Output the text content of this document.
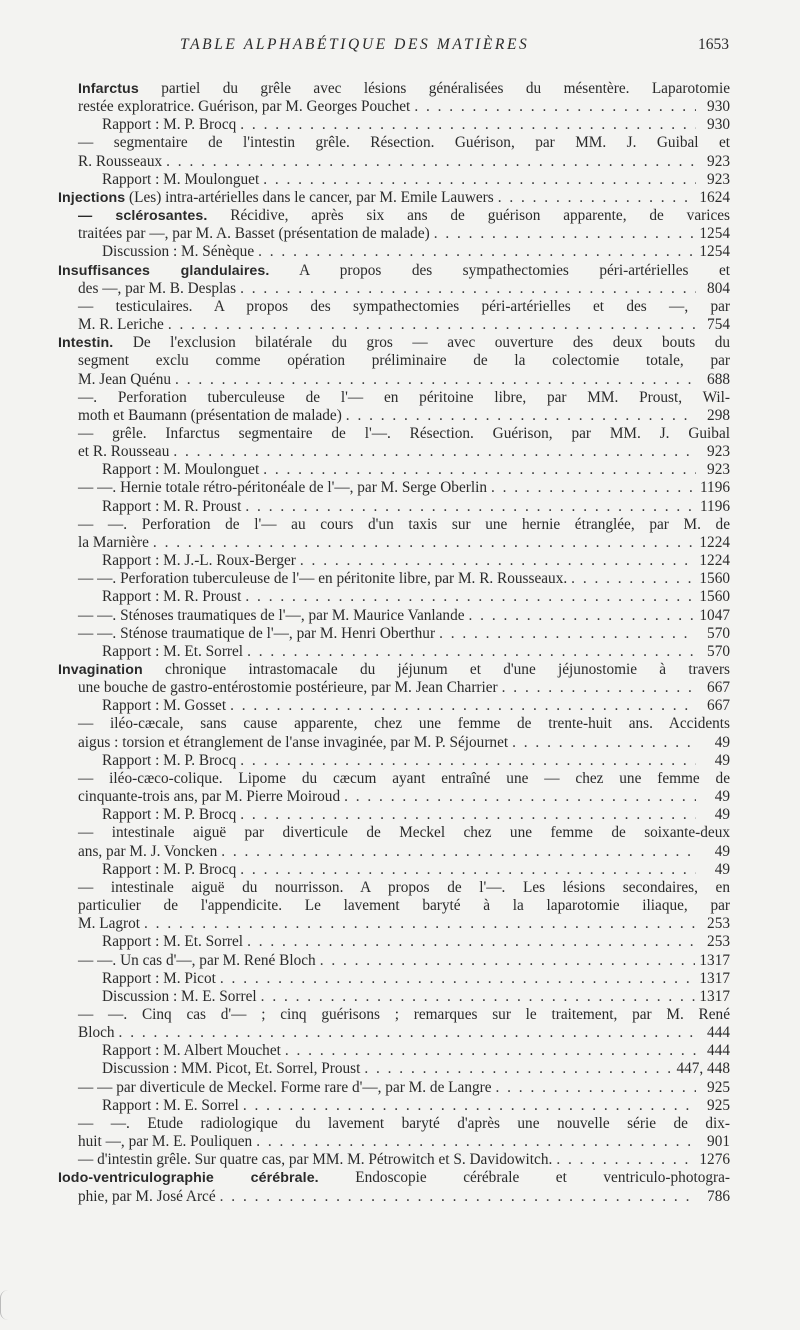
TABLE ALPHABÉTIQUE DES MATIÈRES	1653
Infarctus partiel du grêle avec lésions généralisées du mésentère. Laparotomie
restée exploratrice. Guérison, par M. Georges Pouchet . . .	930
Rapport : M. P. Brocq . . .	930
— segmentaire de l'intestin grêle. Résection. Guérison, par MM. J. Guibal et
R. Rousseaux . . .	923
Rapport : M. Moulonguet . . .	923
Injections (Les) intra-artérielles dans le cancer, par M. Emile Lauwers . . .	1624
— sclérosantes. Récidive, après six ans de guérison apparente, de varices
traitées par —, par M. A. Basset (présentation de malade) . . .	1254
Discussion : M. Sénèque . . .	1254
Insuffisances glandulaires. A propos des sympathectomies péri-artérielles et
des —, par M. B. Desplas . . .	804
— testiculaires. A propos des sympathectomies péri-artérielles et des —, par
M. R. Leriche . . .	754
Intestin. De l'exclusion bilatérale du gros — avec ouverture des deux bouts du
segment exclu comme opération préliminaire de la colectomie totale, par
M. Jean Quénu . . .	688
—. Perforation tuberculeuse de l'— en péritoine libre, par MM. Proust, Wil-
moth et Baumann (présentation de malade) . . .	298
— grêle. Infarctus segmentaire de l'—. Résection. Guérison, par MM. J. Guibal
et R. Rousseau . . .	923
Rapport : M. Moulonguet . . .	923
— —. Hernie totale rétro-péritonéale de l'—, par M. Serge Oberlin . . .	1196
Rapport : M. R. Proust . . .	1196
— —. Perforation de l'— au cours d'un taxis sur une hernie étranglée, par M. de
la Marnière . . .	1224
Rapport : M. J.-L. Roux-Berger . . .	1224
— —. Perforation tuberculeuse de l'— en péritonite libre, par M. R. Rousseaux. . . .	1560
Rapport : M. R. Proust . . .	1560
— —. Sténoses traumatiques de l'—, par M. Maurice Vanlande . . .	1047
— —. Sténose traumatique de l'—, par M. Henri Oberthur . . .	570
Rapport : M. Et. Sorrel . . .	570
Invagination chronique intrastomacale du jéjunum et d'une jéjunostomie à travers
une bouche de gastro-entérostomie postérieure, par M. Jean Charrier . . .	667
Rapport : M. Gosset . . .	667
— iléo-cæcale, sans cause apparente, chez une femme de trente-huit ans. Accidents
aigus : torsion et étranglement de l'anse invaginée, par M. P. Séjournet . . .	49
Rapport : M. P. Brocq . . .	49
— iléo-cæco-colique. Lipome du cæcum ayant entraîné une — chez une femme de
cinquante-trois ans, par M. Pierre Moiroud . . .	49
Rapport : M. P. Brocq . . .	49
— intestinale aiguë par diverticule de Meckel chez une femme de soixante-deux
ans, par M. J. Voncken . . .	49
Rapport : M. P. Brocq . . .	49
— intestinale aiguë du nourrisson. A propos de l'—. Les lésions secondaires, en
particulier de l'appendicite. Le lavement baryté à la laparotomie iliaque, par
M. Lagrot . . .	253
Rapport : M. Et. Sorrel . . .	253
— —. Un cas d'—, par M. René Bloch . . .	1317
Rapport : M. Picot . . .	1317
Discussion : M. E. Sorrel . . .	1317
— —. Cinq cas d'— ; cinq guérisons ; remarques sur le traitement, par M. René
Bloch . . .	444
Rapport : M. Albert Mouchet . . .	444
Discussion : MM. Picot, Et. Sorrel, Proust . . .	447, 448
— — par diverticule de Meckel. Forme rare d'—, par M. de Langre . . .	925
Rapport : M. E. Sorrel . . .	925
— —. Etude radiologique du lavement baryté d'après une nouvelle série de dix-
huit —, par M. E. Pouliquen . . .	901
— d'intestin grêle. Sur quatre cas, par MM. M. Pétrowitch et S. Davidowitch. . . .	1276
Iodo-ventriculographie cérébrale. Endoscopie cérébrale et ventriculo-photogra-
phie, par M. José Arcé . . .	786
